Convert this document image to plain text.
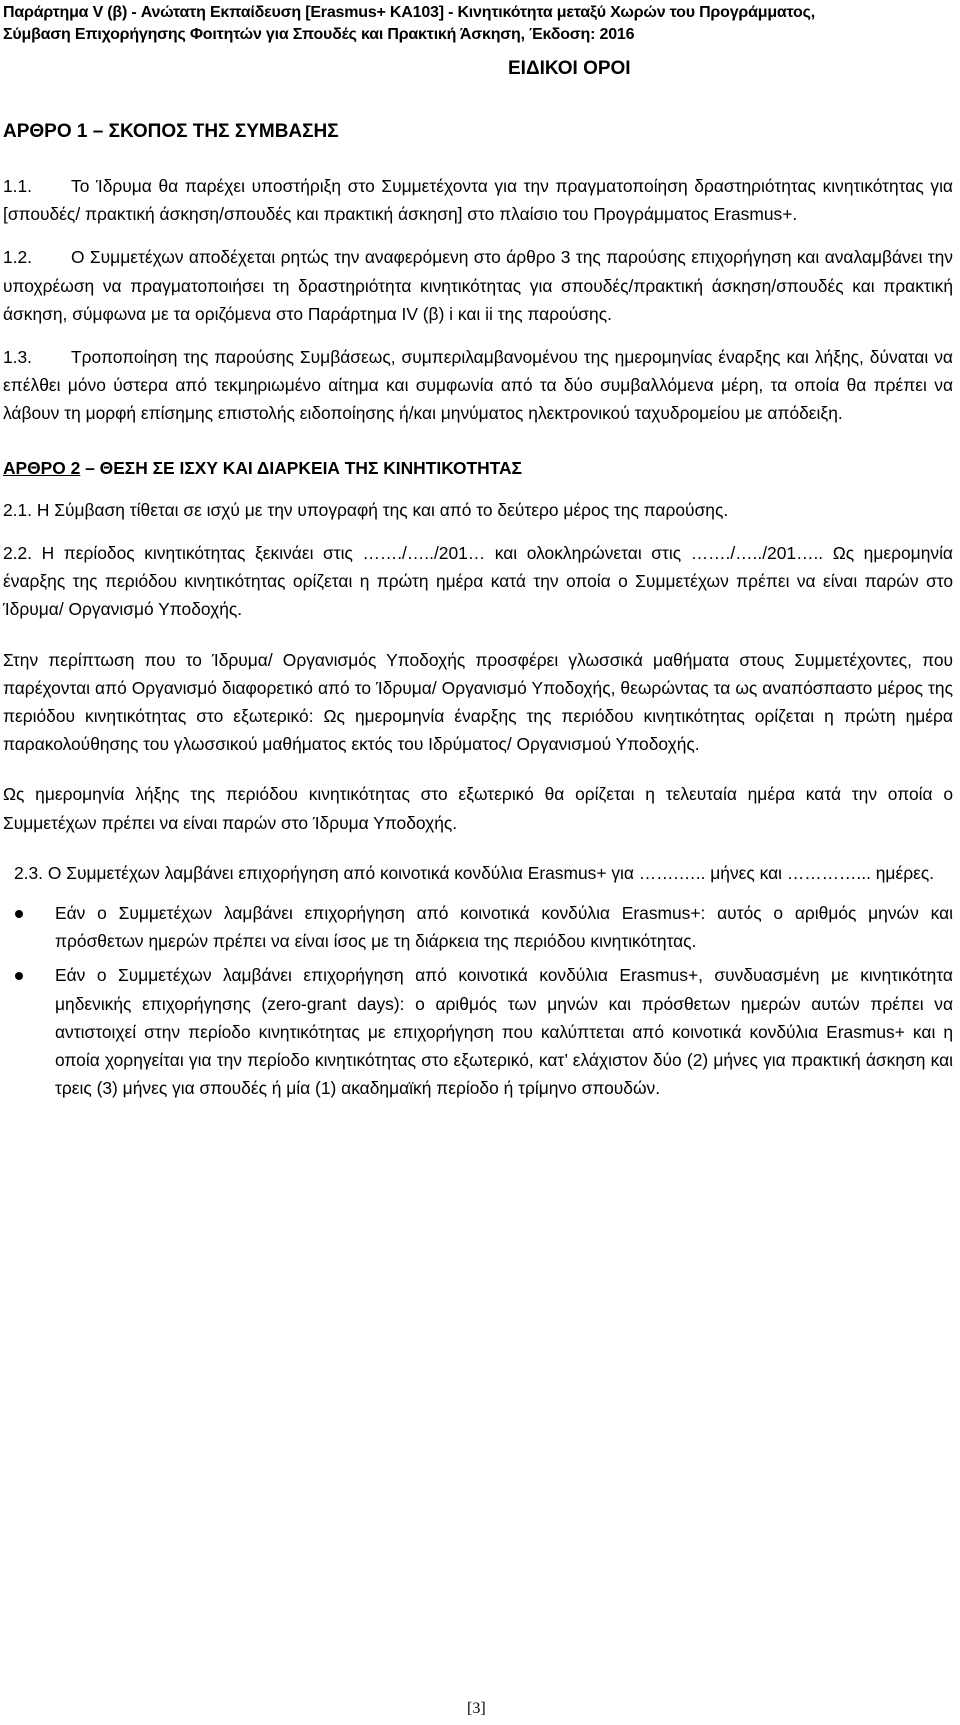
Παράρτημα V (β) - Ανώτατη Εκπαίδευση [Erasmus+ KA103] - Κινητικότητα μεταξύ Χωρών του Προγράμματος,
Σύμβαση Επιχορήγησης Φοιτητών για Σπουδές και Πρακτική Άσκηση, Έκδοση: 2016
ΕΙΔΙΚΟΙ ΟΡΟΙ
ΑΡΘΡΟ 1 – ΣΚΟΠΟΣ ΤΗΣ ΣΥΜΒΑΣΗΣ

1.1. Το Ίδρυμα θα παρέχει υποστήριξη στο Συμμετέχοντα για την πραγματοποίηση δραστηριότητας κινητικότητας για [σπουδές/ πρακτική άσκηση/σπουδές και πρακτική άσκηση] στο πλαίσιο του Προγράμματος Erasmus+.

1.2. Ο Συμμετέχων αποδέχεται ρητώς την αναφερόμενη στο άρθρο 3 της παρούσης επιχορήγηση και αναλαμβάνει την υποχρέωση να πραγματοποιήσει τη δραστηριότητα κινητικότητας για σπουδές/πρακτική άσκηση/σπουδές και πρακτική άσκηση, σύμφωνα με τα οριζόμενα στο Παράρτημα IV (β) i και ii της παρούσης.

1.3. Τροποποίηση της παρούσης Συμβάσεως, συμπεριλαμβανομένου της ημερομηνίας έναρξης και λήξης, δύναται να επέλθει μόνο ύστερα από τεκμηριωμένο αίτημα και συμφωνία από τα δύο συμβαλλόμενα μέρη, τα οποία θα πρέπει να λάβουν τη μορφή επίσημης επιστολής ειδοποίησης ή/και μηνύματος ηλεκτρονικού ταχυδρομείου με απόδειξη.

ΑΡΘΡΟ 2 – ΘΕΣΗ ΣΕ ΙΣΧΥ ΚΑΙ ΔΙΑΡΚΕΙΑ ΤΗΣ ΚΙΝΗΤΙΚΟΤΗΤΑΣ

2.1. Η Σύμβαση τίθεται σε ισχύ με την υπογραφή της και από το δεύτερο μέρος της παρούσης.

2.2. Η περίοδος κινητικότητας ξεκινάει στις ……./…../201… και ολοκληρώνεται στις ……./…../201….. Ως ημερομηνία έναρξης της περιόδου κινητικότητας ορίζεται η πρώτη ημέρα κατά την οποία ο Συμμετέχων πρέπει να είναι παρών στο Ίδρυμα/ Οργανισμό Υποδοχής.

Στην περίπτωση που το Ίδρυμα/ Οργανισμός Υποδοχής προσφέρει γλωσσικά μαθήματα στους Συμμετέχοντες, που παρέχονται από Οργανισμό διαφορετικό από το Ίδρυμα/ Οργανισμό Υποδοχής, θεωρώντας τα ως αναπόσπαστο μέρος της περιόδου κινητικότητας στο εξωτερικό: Ως ημερομηνία έναρξης της περιόδου κινητικότητας ορίζεται η πρώτη ημέρα παρακολούθησης του γλωσσικού μαθήματος εκτός του Ιδρύματος/ Οργανισμού Υποδοχής.

Ως ημερομηνία λήξης της περιόδου κινητικότητας στο εξωτερικό θα ορίζεται η τελευταία ημέρα κατά την οποία ο Συμμετέχων πρέπει να είναι παρών στο Ίδρυμα Υποδοχής.

2.3. Ο Συμμετέχων λαμβάνει επιχορήγηση από κοινοτικά κονδύλια Erasmus+ για …….….. μήνες και …………... ημέρες.

Εάν ο Συμμετέχων λαμβάνει επιχορήγηση από κοινοτικά κονδύλια Erasmus+: αυτός ο αριθμός μηνών και πρόσθετων ημερών πρέπει να είναι ίσος με τη διάρκεια της περιόδου κινητικότητας.
Εάν ο Συμμετέχων λαμβάνει επιχορήγηση από κοινοτικά κονδύλια Erasmus+, συνδυασμένη με κινητικότητα μηδενικής επιχορήγησης (zero-grant days): ο αριθμός των μηνών και πρόσθετων ημερών αυτών πρέπει να αντιστοιχεί στην περίοδο κινητικότητας με επιχορήγηση που καλύπτεται από κοινοτικά κονδύλια Erasmus+ και η οποία χορηγείται για την περίοδο κινητικότητας στο εξωτερικό, κατ’ ελάχιστον δύο (2) μήνες για πρακτική άσκηση και τρεις (3) μήνες για σπουδές ή μία (1) ακαδημαϊκή περίοδο ή τρίμηνο σπουδών.
[3]
